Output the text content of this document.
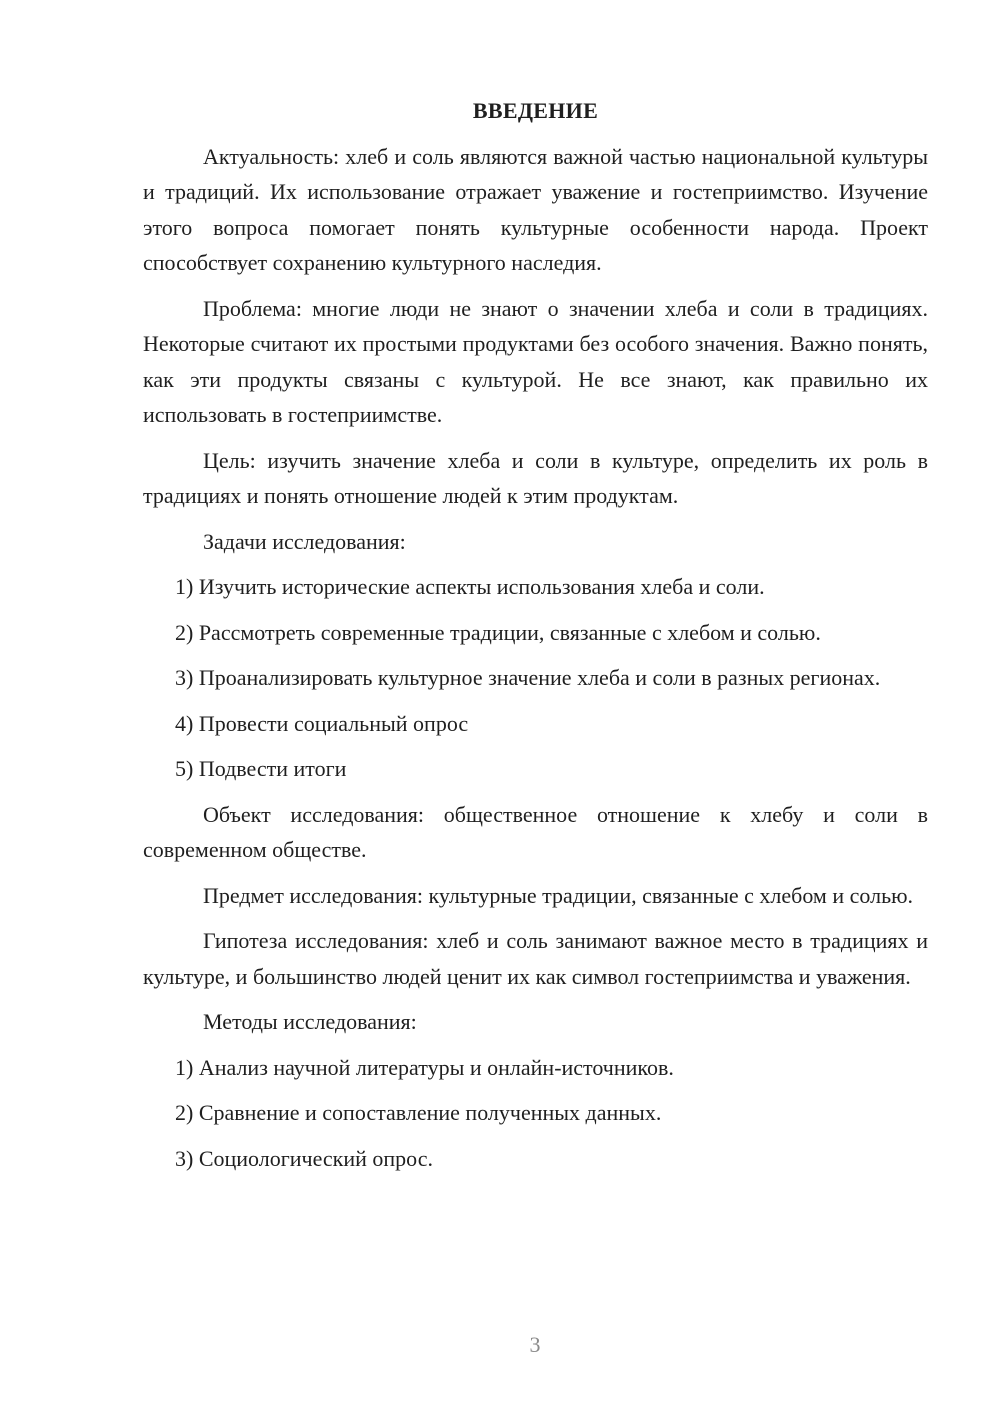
ВВЕДЕНИЕ

Актуальность: хлеб и соль являются важной частью национальной культуры и традиций. Их использование отражает уважение и гостеприимство. Изучение этого вопроса помогает понять культурные особенности народа. Проект способствует сохранению культурного наследия.

Проблема: многие люди не знают о значении хлеба и соли в традициях. Некоторые считают их простыми продуктами без особого значения. Важно понять, как эти продукты связаны с культурой. Не все знают, как правильно их использовать в гостеприимстве.

Цель: изучить значение хлеба и соли в культуре, определить их роль в традициях и понять отношение людей к этим продуктам.

Задачи исследования:

1) Изучить исторические аспекты использования хлеба и соли.

2) Рассмотреть современные традиции, связанные с хлебом и солью.

3) Проанализировать культурное значение хлеба и соли в разных регионах.

4) Провести социальный опрос

5) Подвести итоги

Объект исследования: общественное отношение к хлебу и соли в современном обществе.

Предмет исследования: культурные традиции, связанные с хлебом и солью.

Гипотеза исследования: хлеб и соль занимают важное место в традициях и культуре, и большинство людей ценит их как символ гостеприимства и уважения.

Методы исследования:

1) Анализ научной литературы и онлайн-источников.

2) Сравнение и сопоставление полученных данных.

3) Социологический опрос.

3
